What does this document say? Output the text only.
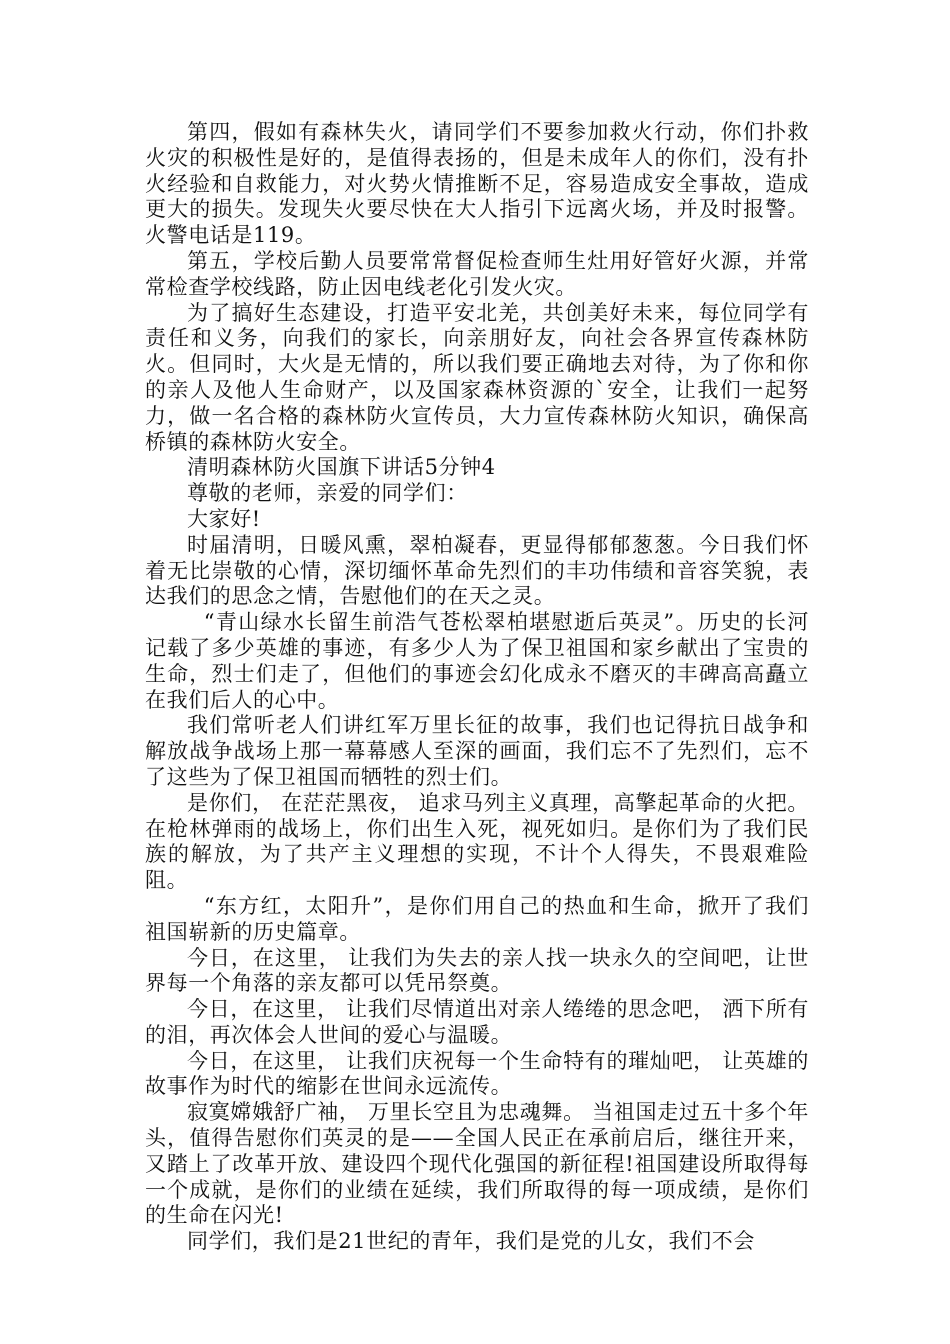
第四，假如有森林失火，请同学们不要参加救火行动，你们扑救火灾的积极性是好的，是值得表扬的，但是未成年人的你们，没有扑火经验和自救能力，对火势火情推断不足，容易造成安全事故，造成更大的损失。发现失火要尽快在大人指引下远离火场，并及时报警。火警电话是119。

第五，学校后勤人员要常常督促检查师生灶用好管好火源，并常常检查学校线路，防止因电线老化引发火灾。

为了搞好生态建设，打造平安北羌，共创美好未来，每位同学有责任和义务，向我们的家长，向亲朋好友，向社会各界宣传森林防火。但同时，大火是无情的，所以我们要正确地去对待，为了你和你的亲人及他人生命财产，以及国家森林资源的`安全，让我们一起努力，做一名合格的森林防火宣传员，大力宣传森林防火知识，确保高桥镇的森林防火安全。

清明森林防火国旗下讲话5分钟4

尊敬的老师，亲爱的同学们：

大家好!

时届清明，日暖风熏，翠柏凝春，更显得郁郁葱葱。今日我们怀着无比崇敬的心情，深切缅怀革命先烈们的丰功伟绩和音容笑貌，表达我们的思念之情，告慰他们的在天之灵。

“青山绿水长留生前浩气苍松翠柏堪慰逝后英灵”。历史的长河记载了多少英雄的事迹，有多少人为了保卫祖国和家乡献出了宝贵的生命，烈士们走了，但他们的事迹会幻化成永不磨灭的丰碑高高矗立在我们后人的心中。

我们常听老人们讲红军万里长征的故事，我们也记得抗日战争和解放战争战场上那一幕幕感人至深的画面，我们忘不了先烈们，忘不了这些为了保卫祖国而牺牲的烈士们。

是你们， 在茫茫黑夜， 追求马列主义真理，高擎起革命的火把。 在枪林弹雨的战场上，你们出生入死，视死如归。是你们为了我们民族的解放，为了共产主义理想的实现，不计个人得失，不畏艰难险阻。

“东方红，太阳升”，是你们用自己的热血和生命，掀开了我们祖国崭新的历史篇章。

今日，在这里， 让我们为失去的亲人找一块永久的空间吧，让世界每一个角落的亲友都可以凭吊祭奠。

今日，在这里， 让我们尽情道出对亲人绻绻的思念吧， 洒下所有的泪，再次体会人世间的爱心与温暖。

今日，在这里， 让我们庆祝每一个生命特有的璀灿吧， 让英雄的故事作为时代的缩影在世间永远流传。

寂寞嫦娥舒广袖， 万里长空且为忠魂舞。 当祖国走过五十多个年头，值得告慰你们英灵的是——全国人民正在承前启后，继往开来，又踏上了改革开放、建设四个现代化强国的新征程!祖国建设所取得每一个成就，是你们的业绩在延续，我们所取得的每一项成绩，是你们的生命在闪光!

同学们，我们是21世纪的青年，我们是党的儿女，我们不会
